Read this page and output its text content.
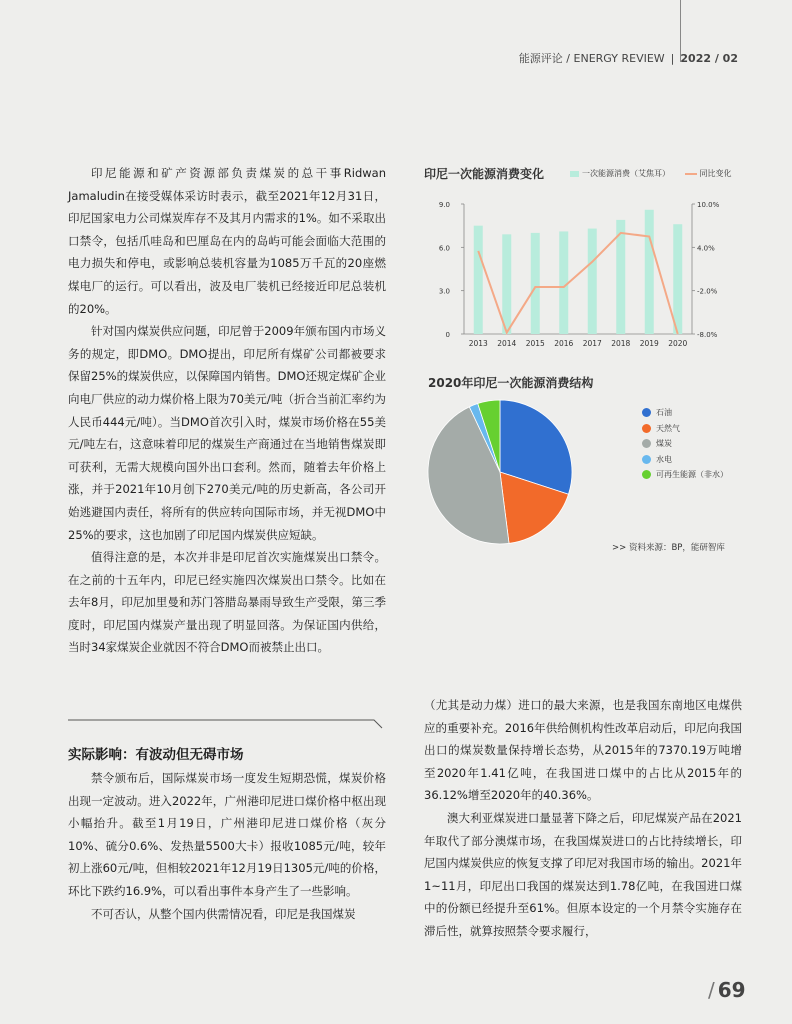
能源评论 / ENERGY REVIEW | 2022 / 02

印尼能源和矿产资源部负责煤炭的总干事Ridwan Jamaludin在接受媒体采访时表示，截至2021年12月31日，印尼国家电力公司煤炭库存不及其月内需求的1%。如不采取出口禁令，包括爪哇岛和巴厘岛在内的岛屿可能会面临大范围的电力损失和停电，或影响总装机容量为1085万千瓦的20座燃煤电厂的运行。可以看出，波及电厂装机已经接近印尼总装机的20%。

针对国内煤炭供应问题，印尼曾于2009年颁布国内市场义务的规定，即DMO。DMO提出，印尼所有煤矿公司都被要求保留25%的煤炭供应，以保障国内销售。DMO还规定煤矿企业向电厂供应的动力煤价格上限为70美元/吨（折合当前汇率约为人民币444元/吨）。当DMO首次引入时，煤炭市场价格在55美元/吨左右，这意味着印尼的煤炭生产商通过在当地销售煤炭即可获利，无需大规模向国外出口套利。然而，随着去年价格上涨，并于2021年10月创下270美元/吨的历史新高，各公司开始逃避国内责任，将所有的供应转向国际市场，并无视DMO中25%的要求，这也加剧了印尼国内煤炭供应短缺。

值得注意的是，本次并非是印尼首次实施煤炭出口禁令。在之前的十五年内，印尼已经实施四次煤炭出口禁令。比如在去年8月，印尼加里曼和苏门答腊岛暴雨导致生产受限，第三季度时，印尼国内煤炭产量出现了明显回落。为保证国内供给，当时34家煤炭企业就因不符合DMO而被禁止出口。

实际影响：有波动但无碍市场

禁令颁布后，国际煤炭市场一度发生短期恐慌，煤炭价格出现一定波动。进入2022年，广州港印尼进口煤价格中枢出现小幅抬升。截至1月19日，广州港印尼进口煤价格（灰分10%、硫分0.6%、发热量5500大卡）报收1085元/吨，较年初上涨60元/吨，但相较2021年12月19日1305元/吨的价格，环比下跌约16.9%，可以看出事件本身产生了一些影响。

不可否认，从整个国内供需情况看，印尼是我国煤炭

（尤其是动力煤）进口的最大来源，也是我国东南地区电煤供应的重要补充。2016年供给侧机构性改革启动后，印尼向我国出口的煤炭数量保持增长态势，从2015年的7370.19万吨增至2020年1.41亿吨，在我国进口煤中的占比从2015年的36.12%增至2020年的40.36%。

澳大利亚煤炭进口量显著下降之后，印尼煤炭产品在2021年取代了部分澳煤市场，在我国煤炭进口的占比持续增长，印尼国内煤炭供应的恢复支撑了印尼对我国市场的输出。2021年1~11月，印尼出口我国的煤炭达到1.78亿吨，在我国进口煤中的份额已经提升至61%。但原本设定的一个月禁令实施存在滞后性，就算按照禁令要求履行，

印尼一次能源消费变化	一次能源消费（艾焦耳）	同比变化
0
3.0
6.0
9.0
-8.0%
-2.0%
4.0%
10.0%
2013 2014 2015 2016 2017 2018 2019 2020
2020年印尼一次能源消费结构
石油
天然气
煤炭
水电
可再生能源（非水）
>> 资料来源：BP，能研智库
/ 69
